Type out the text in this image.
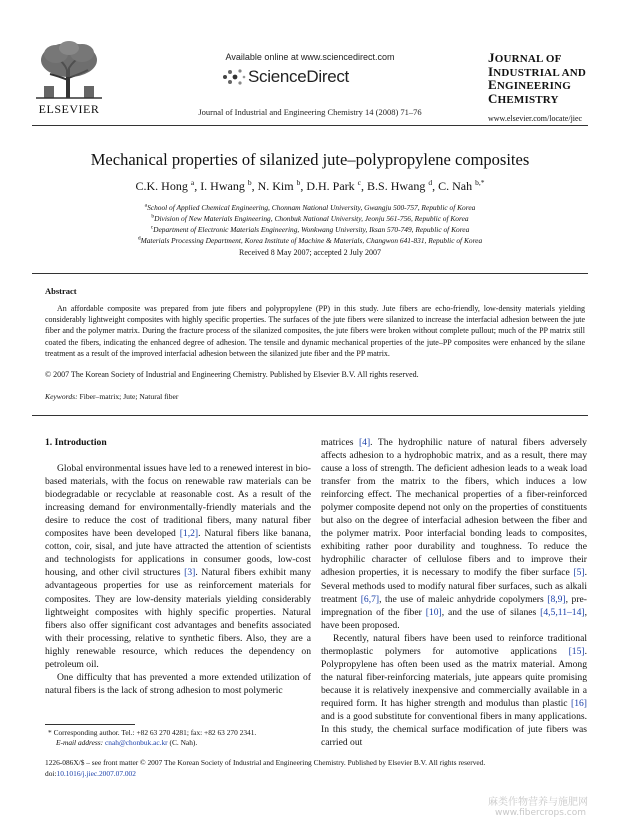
ELSEVIER
Available online at www.sciencedirect.com
ScienceDirect
Journal of Industrial and Engineering Chemistry 14 (2008) 71–76
JOURNAL OF
INDUSTRIAL AND
ENGINEERING
CHEMISTRY
www.elsevier.com/locate/jiec
Mechanical properties of silanized jute–polypropylene composites
C.K. Hong $^a$, I. Hwang $^b$, N. Kim $^b$, D.H. Park $^c$, B.S. Hwang $^d$, C. Nah $^{b,*}$
$^a$School of Applied Chemical Engineering, Chonnam National University, Gwangju 500-757, Republic of Korea
$^b$Division of New Materials Engineering, Chonbuk National University, Jeonju 561-756, Republic of Korea
$^c$Department of Electronic Materials Engineering, Wonkwang University, Iksan 570-749, Republic of Korea
$^d$Materials Processing Department, Korea Institute of Machine & Materials, Changwon 641-831, Republic of Korea
Received 8 May 2007; accepted 2 July 2007
Abstract
An affordable composite was prepared from jute fibers and polypropylene (PP) in this study. Jute fibers are echo-friendly, low-density materials yielding considerably lightweight composites with highly specific properties. The surfaces of the jute fibers were silanized to increase the interfacial adhesion between the jute fiber and the polymer matrix. During the fracture process of the silanized composites, the jute fibers were broken without complete pullout; much of the PP matrix still coated the fibers, indicating the enhanced degree of adhesion. The tensile and dynamic mechanical properties of the jute–PP composites were enhanced by the silane treatment as a result of the improved interfacial adhesion between the silanized jute fiber and the PP matrix.
© 2007 The Korean Society of Industrial and Engineering Chemistry. Published by Elsevier B.V. All rights reserved.
Keywords: Fiber–matrix; Jute; Natural fiber
1. Introduction

Global environmental issues have led to a renewed interest in bio-based materials, with the focus on renewable raw materials can be biodegradable or recyclable at reasonable cost. As a result of the increasing demand for environmentally-friendly materials and the desire to reduce the cost of traditional fibers, many natural fiber composites have been developed [1,2]. Natural fibers like banana, cotton, coir, sisal, and jute have attracted the attention of scientists and technologists for applications in consumer goods, low-cost housing, and other civil structures [3]. Natural fibers exhibit many advantageous properties for use as reinforcement materials for composites. They are low-density materials yielding considerably lightweight composites with highly specific properties. Natural fibers also offer significant cost advantages and benefits associated with their processing, relative to synthetic fibers. Also, they are a highly renewable resource, which reduces the dependency on petroleum oil.

One difficulty that has prevented a more extended utilization of natural fibers is the lack of strong adhesion to most polymeric

matrices [4]. The hydrophilic nature of natural fibers adversely affects adhesion to a hydrophobic matrix, and as a result, there may cause a loss of strength. The deficient adhesion leads to a weak load transfer from the matrix to the fibers, which induces a low reinforcing effect. The mechanical properties of a fiber-reinforced polymer composite depend not only on the properties of constituents but also on the degree of interfacial adhesion between the fiber and the polymer matrix. Poor interfacial bonding leads to composites, exhibiting rather poor durability and toughness. To reduce the hydrophilic character of cellulose fibers and to improve their adhesion properties, it is necessary to modify the fiber surface [5]. Several methods used to modify natural fiber surfaces, such as alkali treatment [6,7], the use of maleic anhydride copolymers [8,9], pre-impregnation of the fiber [10], and the use of silanes [4,5,11–14], have been proposed.

Recently, natural fibers have been used to reinforce traditional thermoplastic polymers for automotive applications [15]. Polypropylene has often been used as the matrix material. Among the natural fiber-reinforcing materials, jute appears quite promising because it is relatively inexpensive and commercially available in a required form. It has higher strength and modulus than plastic [16] and is a good substitute for conventional fibers in many applications. In this study, the chemical surface modification of jute fibers was carried out

* Corresponding author. Tel.: +82 63 270 4281; fax: +82 63 270 2341.
E-mail address: cnah@chonbuk.ac.kr (C. Nah).
1226-086X/$ – see front matter © 2007 The Korean Society of Industrial and Engineering Chemistry. Published by Elsevier B.V. All rights reserved.
doi:10.1016/j.jiec.2007.07.002
麻类作物营养与施肥网
www.fibercrops.com
